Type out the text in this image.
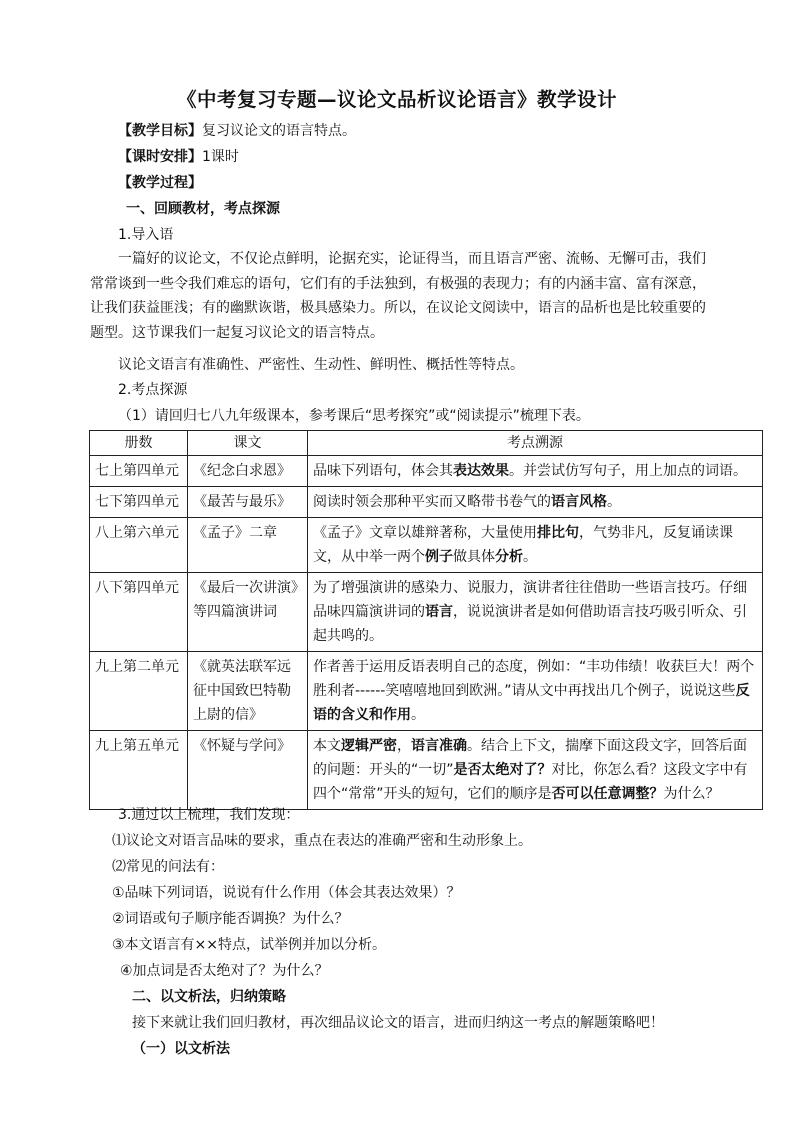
《中考复习专题—议论文品析议论语言》教学设计
【教学目标】复习议论文的语言特点。
【课时安排】1课时
【教学过程】
一、回顾教材，考点探源
1.导入语
一篇好的议论文，不仅论点鲜明，论据充实，论证得当，而且语言严密、流畅、无懈可击，我们
常常谈到一些令我们难忘的语句，它们有的手法独到，有极强的表现力；有的内涵丰富、富有深意，
让我们获益匪浅；有的幽默诙谐，极具感染力。所以，在议论文阅读中，语言的品析也是比较重要的
题型。这节课我们一起复习议论文的语言特点。
议论文语言有准确性、严密性、生动性、鲜明性、概括性等特点。
2.考点探源
（1）请回归七八九年级课本，参考课后“思考探究”或“阅读提示”梳理下表。
册数	课文	考点溯源
七上第四单元	《纪念白求恩》	品味下列语句，体会其表达效果。并尝试仿写句子，用上加点的词语。
七下第四单元	《最苦与最乐》	阅读时领会那种平实而又略带书卷气的语言风格。
八上第六单元	《孟子》二章	《孟子》文章以雄辩著称，大量使用排比句，气势非凡，反复诵读课文，从中举一两个例子做具体分析。
八下第四单元	《最后一次讲演》等四篇演讲词	为了增强演讲的感染力、说服力，演讲者往往借助一些语言技巧。仔细品味四篇演讲词的语言，说说演讲者是如何借助语言技巧吸引听众、引起共鸣的。
九上第二单元	《就英法联军远征中国致巴特勒上尉的信》	作者善于运用反语表明自己的态度，例如：“丰功伟绩！收获巨大！两个胜利者------笑嘻嘻地回到欧洲。”请从文中再找出几个例子，说说这些反语的含义和作用。
九上第五单元	《怀疑与学问》	本文逻辑严密，语言准确。结合上下文，揣摩下面这段文字，回答后面的问题：开头的“一切”是否太绝对了？对比，你怎么看？这段文字中有四个“常常”开头的短句，它们的顺序是否可以任意调整？为什么？
3.通过以上梳理，我们发现：
⑴议论文对语言品味的要求，重点在表达的准确严密和生动形象上。
⑵常见的问法有：
①品味下列词语，说说有什么作用（体会其表达效果）？
②词语或句子顺序能否调换？为什么？
③本文语言有××特点，试举例并加以分析。
④加点词是否太绝对了？为什么？
二、以文析法，归纳策略
接下来就让我们回归教材，再次细品议论文的语言，进而归纳这一考点的解题策略吧！
（一）以文析法
